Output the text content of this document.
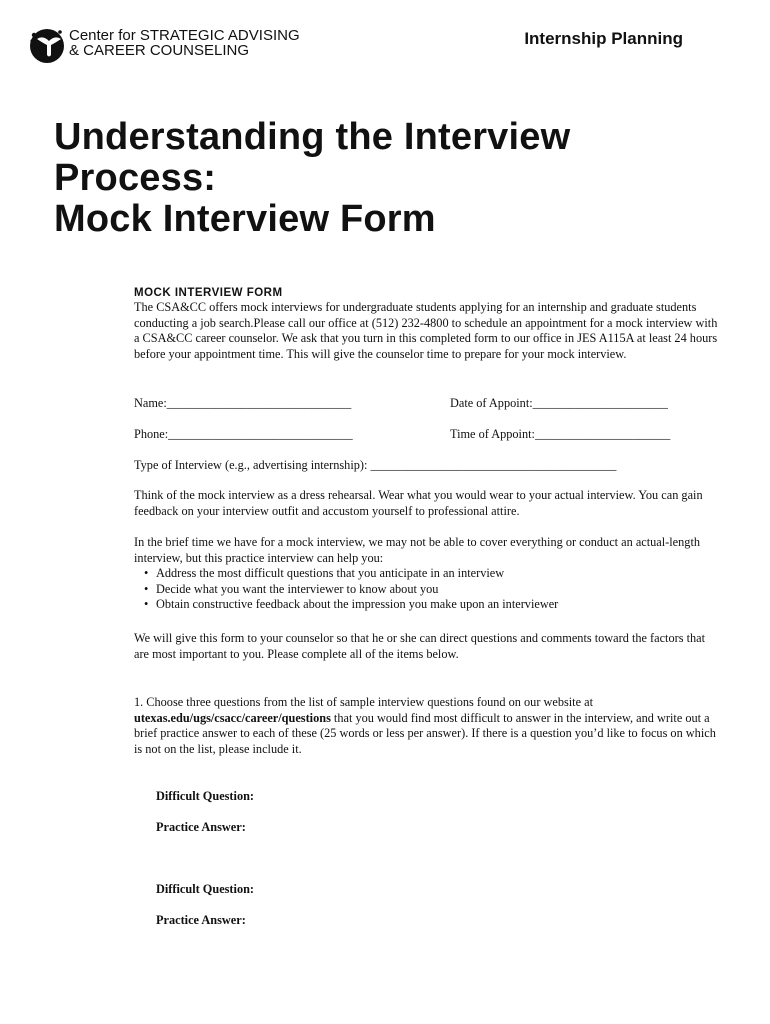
Center for STRATEGIC ADVISING
& CAREER COUNSELING
Internship Planning
Understanding the Interview
Process:
Mock Interview Form

MOCK INTERVIEW FORM

The CSA&CC offers mock interviews for undergraduate students applying for an internship and graduate students conducting a job search.Please call our office at (512) 232-4800 to schedule an appointment for a mock interview with a CSA&CC career counselor. We ask that you turn in this completed form to our office in JES A115A at least 24 hours before your appointment time. This will give the counselor time to prepare for your mock interview.

Name:______________________________	Date of Appoint:______________________
Phone:______________________________	Time of Appoint:______________________
Type of Interview (e.g., advertising internship): ________________________________________

Think of the mock interview as a dress rehearsal. Wear what you would wear to your actual interview. You can gain feedback on your interview outfit and accustom yourself to professional attire.

In the brief time we have for a mock interview, we may not be able to cover everything or conduct an actual-length interview, but this practice interview can help you:

• Address the most difficult questions that you anticipate in an interview
• Decide what you want the interviewer to know about you
• Obtain constructive feedback about the impression you make upon an interviewer

We will give this form to your counselor so that he or she can direct questions and comments toward the factors that are most important to you. Please complete all of the items below.

1. Choose three questions from the list of sample interview questions found on our website at utexas.edu/ugs/csacc/career/questions that you would find most difficult to answer in the interview, and write out a brief practice answer to each of these (25 words or less per answer). If there is a question you’d like to focus on which is not on the list, please include it.

Difficult Question:
Practice Answer:
Difficult Question:
Practice Answer:
